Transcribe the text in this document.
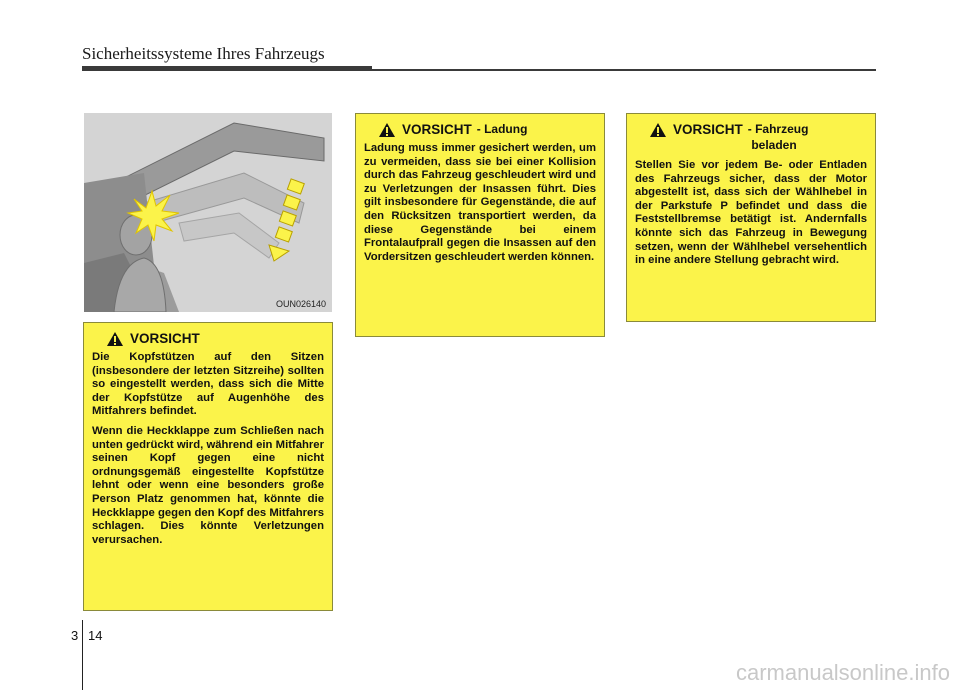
Sicherheitssysteme Ihres Fahrzeugs
OUN026140
VORSICHT

Die Kopfstützen auf den Sitzen (insbesondere der letzten Sitzreihe) sollten so eingestellt werden, dass sich die Mitte der Kopfstütze auf Augenhöhe des Mitfahrers befindet.

Wenn die Heckklappe zum Schließen nach unten gedrückt wird, während ein Mitfahrer seinen Kopf gegen eine nicht ordnungsgemäß eingestellte Kopfstütze lehnt oder wenn eine besonders große Person Platz genommen hat, könnte die Heckklappe gegen den Kopf des Mitfahrers schlagen. Dies könnte Verletzungen verursachen.

VORSICHT - Ladung

Ladung muss immer gesichert werden, um zu vermeiden, dass sie bei einer Kollision durch das Fahrzeug geschleudert wird und zu Verletzungen der Insassen führt. Dies gilt insbesondere für Gegenstände, die auf den Rücksitzen transportiert werden, da diese Gegenstände bei einem Frontalaufprall gegen die Insassen auf den Vordersitzen geschleudert werden können.

VORSICHT - Fahrzeug
beladen

Stellen Sie vor jedem Be- oder Entladen des Fahrzeugs sicher, dass der Motor abgestellt ist, dass sich der Wählhebel in der Parkstufe P befindet und dass die Feststellbremse betätigt ist. Andernfalls könnte sich das Fahrzeug in Bewegung setzen, wenn der Wählhebel versehentlich in eine andere Stellung gebracht wird.

3 14
carmanualsonline.info
